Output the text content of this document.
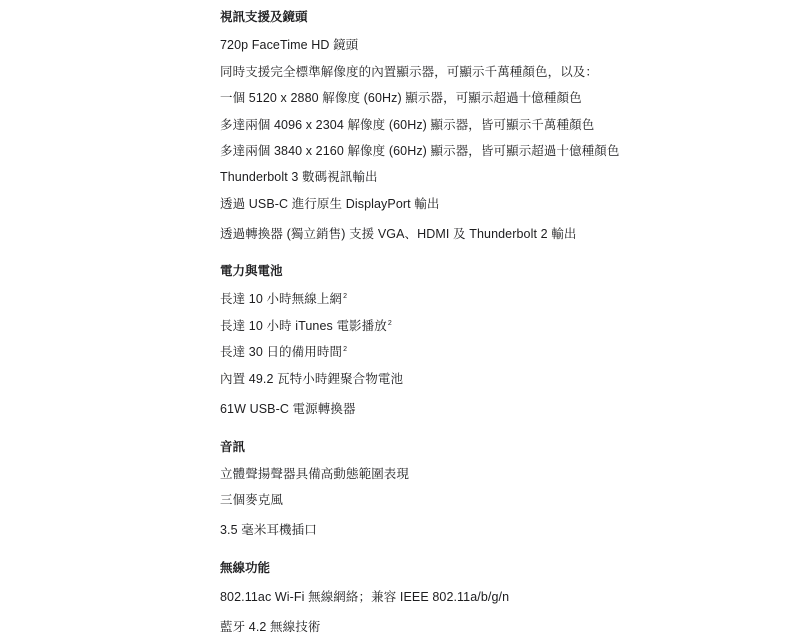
視訊支援及鏡頭
720p FaceTime HD 鏡頭
同時支援完全標準解像度的內置顯示器，可顯示千萬種顏色，以及：
一個 5120 x 2880 解像度 (60Hz) 顯示器，可顯示超過十億種顏色
多達兩個 4096 x 2304 解像度 (60Hz) 顯示器，皆可顯示千萬種顏色
多達兩個 3840 x 2160 解像度 (60Hz) 顯示器，皆可顯示超過十億種顏色
Thunderbolt 3 數碼視訊輸出
透過 USB-C 進行原生 DisplayPort 輸出
透過轉換器 (獨立銷售) 支援 VGA、HDMI 及 Thunderbolt 2 輸出
電力與電池
長達 10 小時無線上網$^2$
長達 10 小時 iTunes 電影播放$^2$
長達 30 日的備用時間$^2$
內置 49.2 瓦特小時鋰聚合物電池
61W USB-C 電源轉換器
音訊
立體聲揚聲器具備高動態範圍表現
三個麥克風
3.5 毫米耳機插口
無線功能
802.11ac Wi-Fi 無線網絡；兼容 IEEE 802.11a/b/g/n
藍牙 4.2 無線技術
